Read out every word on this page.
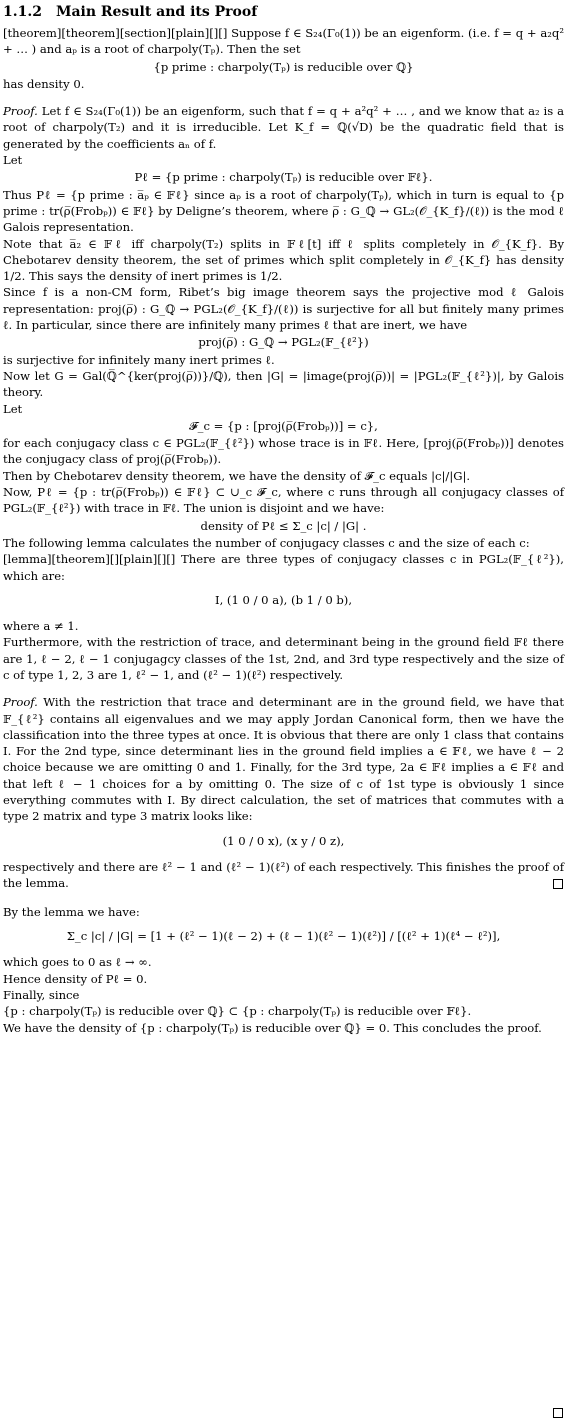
1.1.2 Main Result and its Proof

[theorem][theorem][section][plain][][] Suppose f ∈ S₂₄(Γ₀(1)) be an eigenform. (i.e. f = q + a₂q² + … ) and aₚ is a root of charpoly(Tₚ). Then the set

{p prime : charpoly(Tₚ) is reducible over ℚ}

has density 0.

Proof. Let f ∈ S₂₄(Γ₀(1)) be an eigenform, such that f = q + a²q² + … , and we know that a₂ is a root of charpoly(T₂) and it is irreducible. Let K_f = ℚ(√D) be the quadratic field that is generated by the coefficients aₙ of f.

Let

Pℓ = {p prime : charpoly(Tₚ) is reducible over 𝔽ℓ}.

Thus Pℓ = {p prime : a̅ₚ ∈ 𝔽ℓ} since aₚ is a root of charpoly(Tₚ), which in turn is equal to {p prime : tr(ρ̅(Frobₚ)) ∈ 𝔽ℓ} by Deligne’s theorem, where ρ̅ : G_ℚ → GL₂(𝒪_{K_f}/(ℓ)) is the mod ℓ Galois representation.

Note that a̅₂ ∈ 𝔽ℓ iff charpoly(T₂) splits in 𝔽ℓ[t] iff ℓ splits completely in 𝒪_{K_f}. By Chebotarev density theorem, the set of primes which split completely in 𝒪_{K_f} has density 1/2. This says the density of inert primes is 1/2.

Since f is a non-CM form, Ribet’s big image theorem says the projective mod ℓ Galois representation: proj(ρ̅) : G_ℚ → PGL₂(𝒪_{K_f}/(ℓ)) is surjective for all but finitely many primes ℓ. In particular, since there are infinitely many primes ℓ that are inert, we have

proj(ρ̅) : G_ℚ → PGL₂(𝔽_{ℓ²})

is surjective for infinitely many inert primes ℓ.

Now let G = Gal(ℚ̅^{ker(proj(ρ̅))}/ℚ), then |G| = |image(proj(ρ̅))| = |PGL₂(𝔽_{ℓ²})|, by Galois theory.

Let

𝓕_c = {p : [proj(ρ̅(Frobₚ))] = c},

for each conjugacy class c ∈ PGL₂(𝔽_{ℓ²}) whose trace is in 𝔽ℓ. Here, [proj(ρ̅(Frobₚ))] denotes the conjugacy class of proj(ρ̅(Frobₚ)).

Then by Chebotarev density theorem, we have the density of 𝓕_c equals |c|/|G|.

Now, Pℓ = {p : tr(ρ̅(Frobₚ)) ∈ 𝔽ℓ} ⊂ ∪_c 𝓕_c, where c runs through all conjugacy classes of PGL₂(𝔽_{ℓ²}) with trace in 𝔽ℓ. The union is disjoint and we have:

density of Pℓ ≤ Σ_c |c| / |G| .

The following lemma calculates the number of conjugacy classes c and the size of each c:

[lemma][theorem][][plain][][] There are three types of conjugacy classes c in PGL₂(𝔽_{ℓ²}), which are:

I, (1 0 / 0 a), (b 1 / 0 b),

where a ≠ 1.

Furthermore, with the restriction of trace, and determinant being in the ground field 𝔽ℓ there are 1, ℓ − 2, ℓ − 1 conjugagcy classes of the 1st, 2nd, and 3rd type respectively and the size of c of type 1, 2, 3 are 1, ℓ² − 1, and (ℓ² − 1)(ℓ²) respectively.

Proof. With the restriction that trace and determinant are in the ground field, we have that 𝔽_{ℓ²} contains all eigenvalues and we may apply Jordan Canonical form, then we have the classification into the three types at once. It is obvious that there are only 1 class that contains I. For the 2nd type, since determinant lies in the ground field implies a ∈ 𝔽ℓ, we have ℓ − 2 choice because we are omitting 0 and 1. Finally, for the 3rd type, 2a ∈ 𝔽ℓ implies a ∈ 𝔽ℓ and that left ℓ − 1 choices for a by omitting 0. The size of c of 1st type is obviously 1 since everything commutes with I. By direct calculation, the set of matrices that commutes with a type 2 matrix and type 3 matrix looks like:

(1 0 / 0 x), (x y / 0 z),

respectively and there are ℓ² − 1 and (ℓ² − 1)(ℓ²) of each respectively. This finishes the proof of the lemma.

By the lemma we have:

Σ_c |c| / |G| = [1 + (ℓ² − 1)(ℓ − 2) + (ℓ − 1)(ℓ² − 1)(ℓ²)] / [(ℓ² + 1)(ℓ⁴ − ℓ²)],

which goes to 0 as ℓ → ∞.

Hence density of Pℓ = 0.

Finally, since

{p : charpoly(Tₚ) is reducible over ℚ} ⊂ {p : charpoly(Tₚ) is reducible over 𝔽ℓ}.

We have the density of {p : charpoly(Tₚ) is reducible over ℚ} = 0. This concludes the proof.
